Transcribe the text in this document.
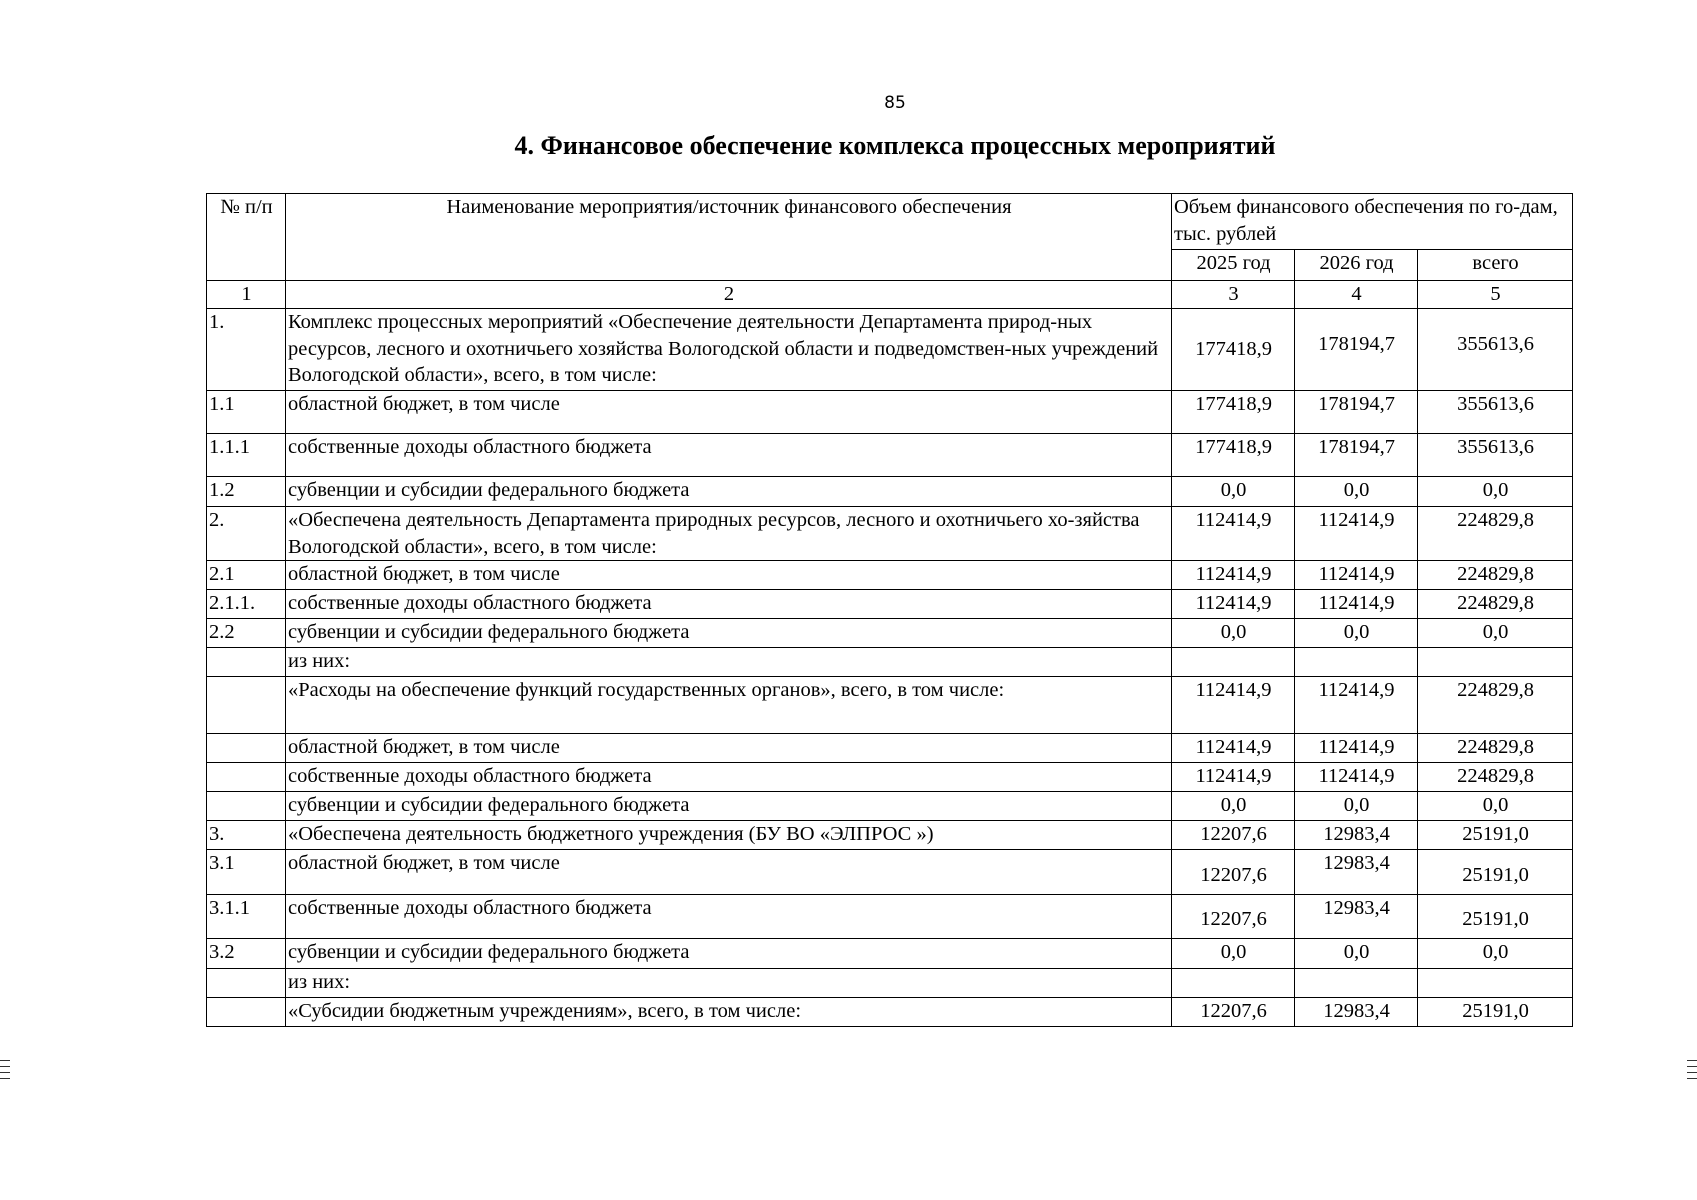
85
4. Финансовое обеспечение комплекса процессных мероприятий
№ п/п	Наименование мероприятия/источник финансового обеспечения	Объем финансового обеспечения по го-дам, тыс. рублей		
		2025 год	2026 год	всего
1	2	3	4	5
1.	Комплекс процессных мероприятий «Обеспечение деятельности Департамента природ-ных ресурсов, лесного и охотничьего хозяйства Вологодской области и подведомствен-ных учреждений Вологодской области», всего, в том числе:	177418,9	178194,7	355613,6
1.1	областной бюджет, в том числе	177418,9	178194,7	355613,6
1.1.1	собственные доходы областного бюджета	177418,9	178194,7	355613,6
1.2	субвенции и субсидии федерального бюджета	0,0	0,0	0,0
2.	«Обеспечена деятельность Департамента природных ресурсов, лесного и охотничьего хо-зяйства Вологодской области», всего, в том числе:	112414,9	112414,9	224829,8
2.1	областной бюджет, в том числе	112414,9	112414,9	224829,8
2.1.1.	собственные доходы областного бюджета	112414,9	112414,9	224829,8
2.2	субвенции и субсидии федерального бюджета	0,0	0,0	0,0
	из них:			
	«Расходы на обеспечение функций государственных органов», всего, в том числе:	112414,9	112414,9	224829,8
	областной бюджет, в том числе	112414,9	112414,9	224829,8
	собственные доходы областного бюджета	112414,9	112414,9	224829,8
	субвенции и субсидии федерального бюджета	0,0	0,0	0,0
3.	«Обеспечена деятельность бюджетного учреждения (БУ ВО «ЭЛПРОС »)	12207,6	12983,4	25191,0
3.1	областной бюджет, в том числе	12207,6	12983,4	25191,0
3.1.1	собственные доходы областного бюджета	12207,6	12983,4	25191,0
3.2	субвенции и субсидии федерального бюджета	0,0	0,0	0,0
	из них:			
	«Субсидии бюджетным учреждениям», всего, в том числе:	12207,6	12983,4	25191,0
